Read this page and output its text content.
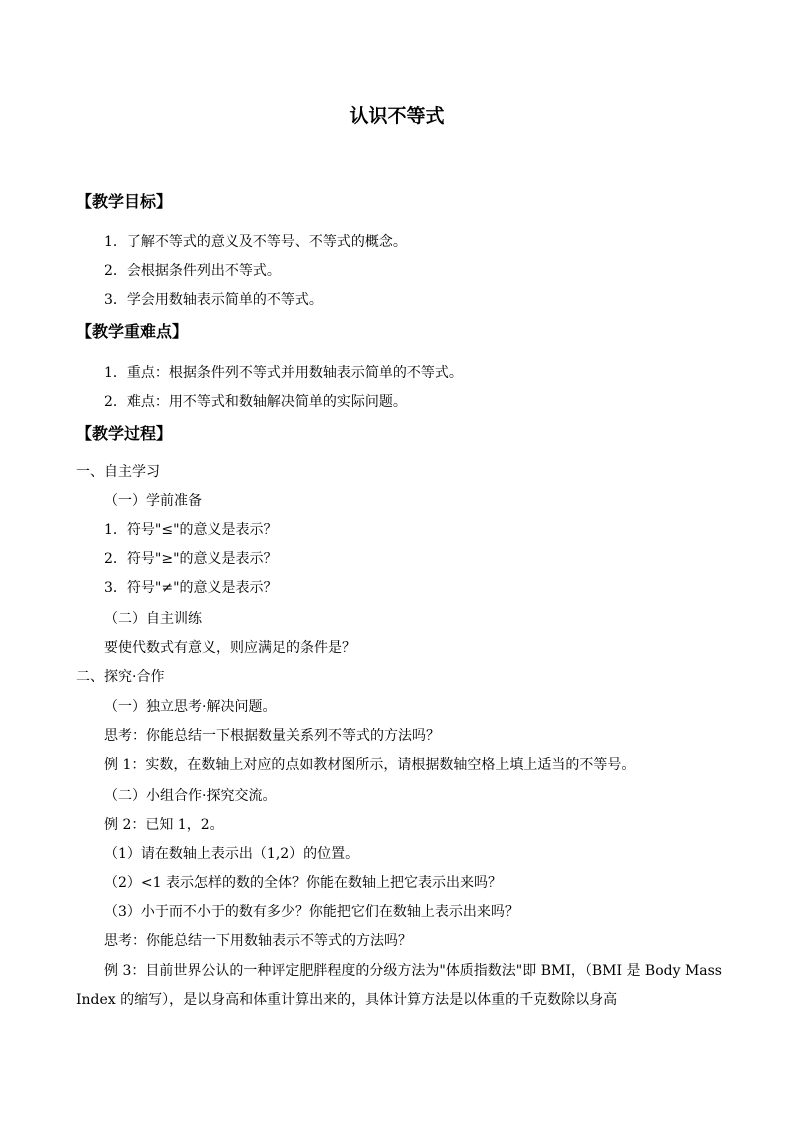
认识不等式
【教学目标】
1．了解不等式的意义及不等号、不等式的概念。
2．会根据条件列出不等式。
3．学会用数轴表示简单的不等式。
【教学重难点】
1．重点：根据条件列不等式并用数轴表示简单的不等式。
2．难点：用不等式和数轴解决简单的实际问题。
【教学过程】
一、自主学习
（一）学前准备
1．符号"≤"的意义是表示？
2．符号"≥"的意义是表示？
3．符号"≠"的意义是表示？
（二）自主训练
要使代数式有意义，则应满足的条件是？
二、探究·合作
（一）独立思考·解决问题。
思考：你能总结一下根据数量关系列不等式的方法吗？
例 1：实数，在数轴上对应的点如教材图所示，请根据数轴空格上填上适当的不等号。
（二）小组合作·探究交流。
例 2：已知 1，2。
（1）请在数轴上表示出（1,2）的位置。
（2）<1 表示怎样的数的全体？你能在数轴上把它表示出来吗？
（3）小于而不小于的数有多少？你能把它们在数轴上表示出来吗？
思考：你能总结一下用数轴表示不等式的方法吗？
例 3：目前世界公认的一种评定肥胖程度的分级方法为"体质指数法"即 BMI，（BMI 是 Body Mass Index 的缩写），是以身高和体重计算出来的，具体计算方法是以体重的千克数除以身高
